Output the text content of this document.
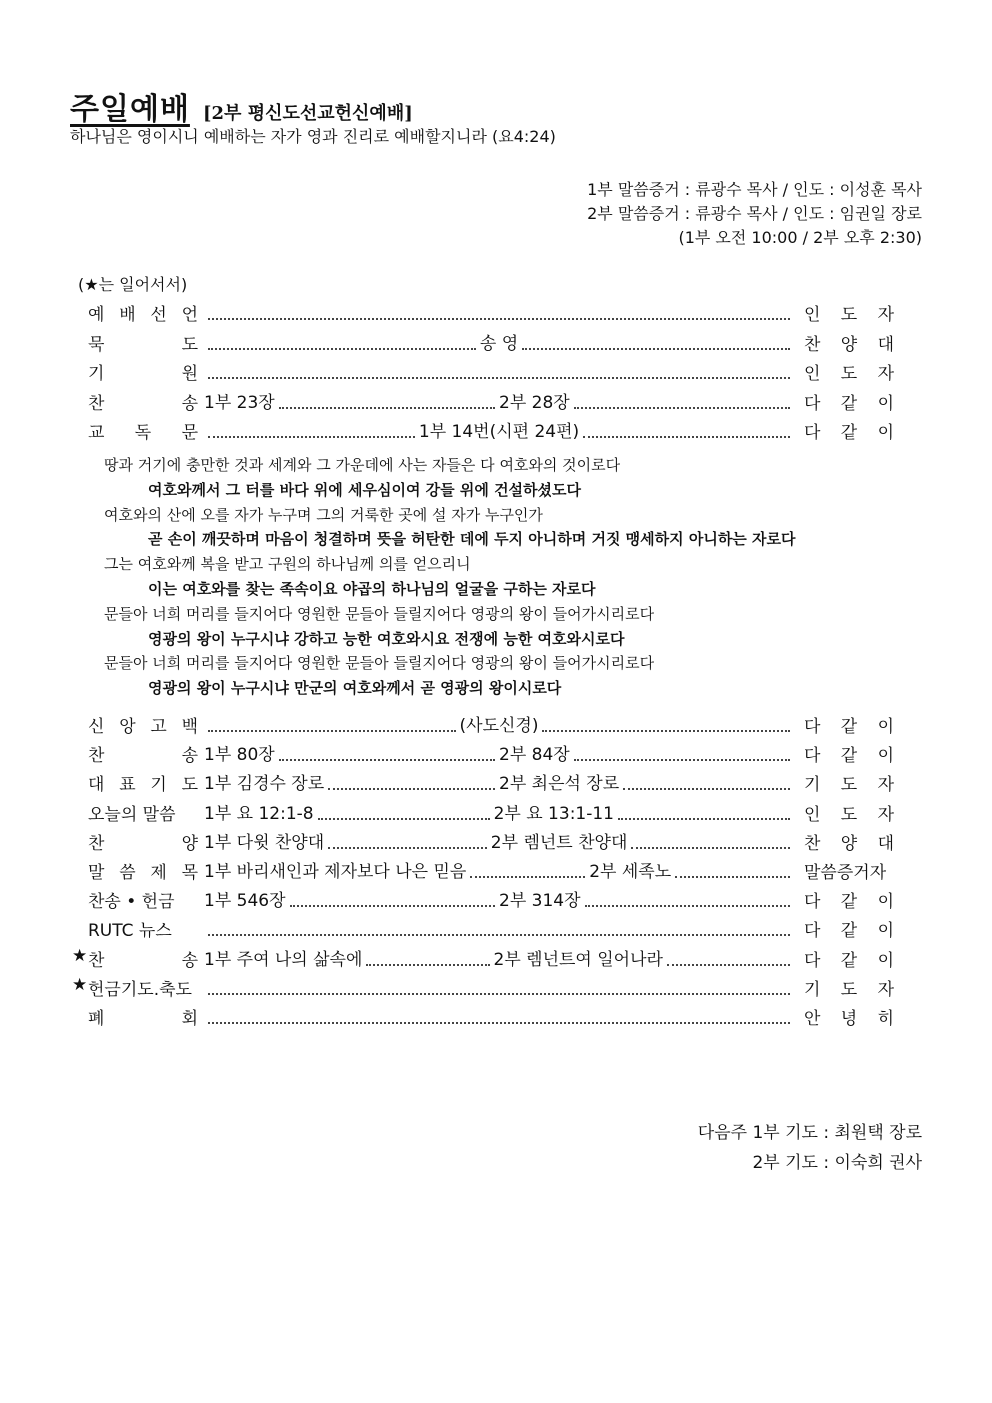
주일예배 [2부 평신도선교헌신예배]
하나님은 영이시니 예배하는 자가 영과 진리로 예배할지니라 (요4:24)
1부 말씀증거 : 류광수 목사 / 인도 : 이성훈 목사
2부 말씀증거 : 류광수 목사 / 인도 : 임권일 장로
(1부 오전 10:00 / 2부 오후 2:30)
(★는 일어서서)
예 배 선 언	인 도 자
묵	도	송 영	찬 양 대
기	원	인 도 자
찬	송 1부 23장	2부 28장	다 같 이
교 독 문	1부 14번(시편 24편)	다 같 이
땅과 거기에 충만한 것과 세계와 그 가운데에 사는 자들은 다 여호와의 것이로다
여호와께서 그 터를 바다 위에 세우심이여 강들 위에 건설하셨도다
여호와의 산에 오를 자가 누구며 그의 거룩한 곳에 설 자가 누구인가
곧 손이 깨끗하며 마음이 청결하며 뜻을 허탄한 데에 두지 아니하며 거짓 맹세하지 아니하는 자로다
그는 여호와께 복을 받고 구원의 하나님께 의를 얻으리니
이는 여호와를 찾는 족속이요 야곱의 하나님의 얼굴을 구하는 자로다
문들아 너희 머리를 들지어다 영원한 문들아 들릴지어다 영광의 왕이 들어가시리로다
영광의 왕이 누구시냐 강하고 능한 여호와시요 전쟁에 능한 여호와시로다
문들아 너희 머리를 들지어다 영원한 문들아 들릴지어다 영광의 왕이 들어가시리로다
영광의 왕이 누구시냐 만군의 여호와께서 곧 영광의 왕이시로다
신 앙 고 백	(사도신경)	다 같 이
찬	송 1부 80장	2부 84장	다 같 이
대 표 기 도 1부 김경수 장로	2부 최은석 장로	기 도 자
오늘의 말씀 1부 요 12:1-8	2부 요 13:1-11	인 도 자
찬	양 1부 다윗 찬양대	2부 렘넌트 찬양대	찬 양 대
말 씀 제 목 1부 바리새인과 제자보다 나은 믿음	2부 세족노	말씀증거자
찬송 • 헌금 1부 546장	2부 314장	다 같 이
RUTC 뉴스	다 같 이
★ 찬	송 1부 주여 나의 삶속에	2부 렘넌트여 일어나라	다 같 이
★ 헌금기도.축도	기 도 자
폐	회	안 녕 히
다음주 1부 기도 : 최원택 장로
2부 기도 : 이숙희 권사
